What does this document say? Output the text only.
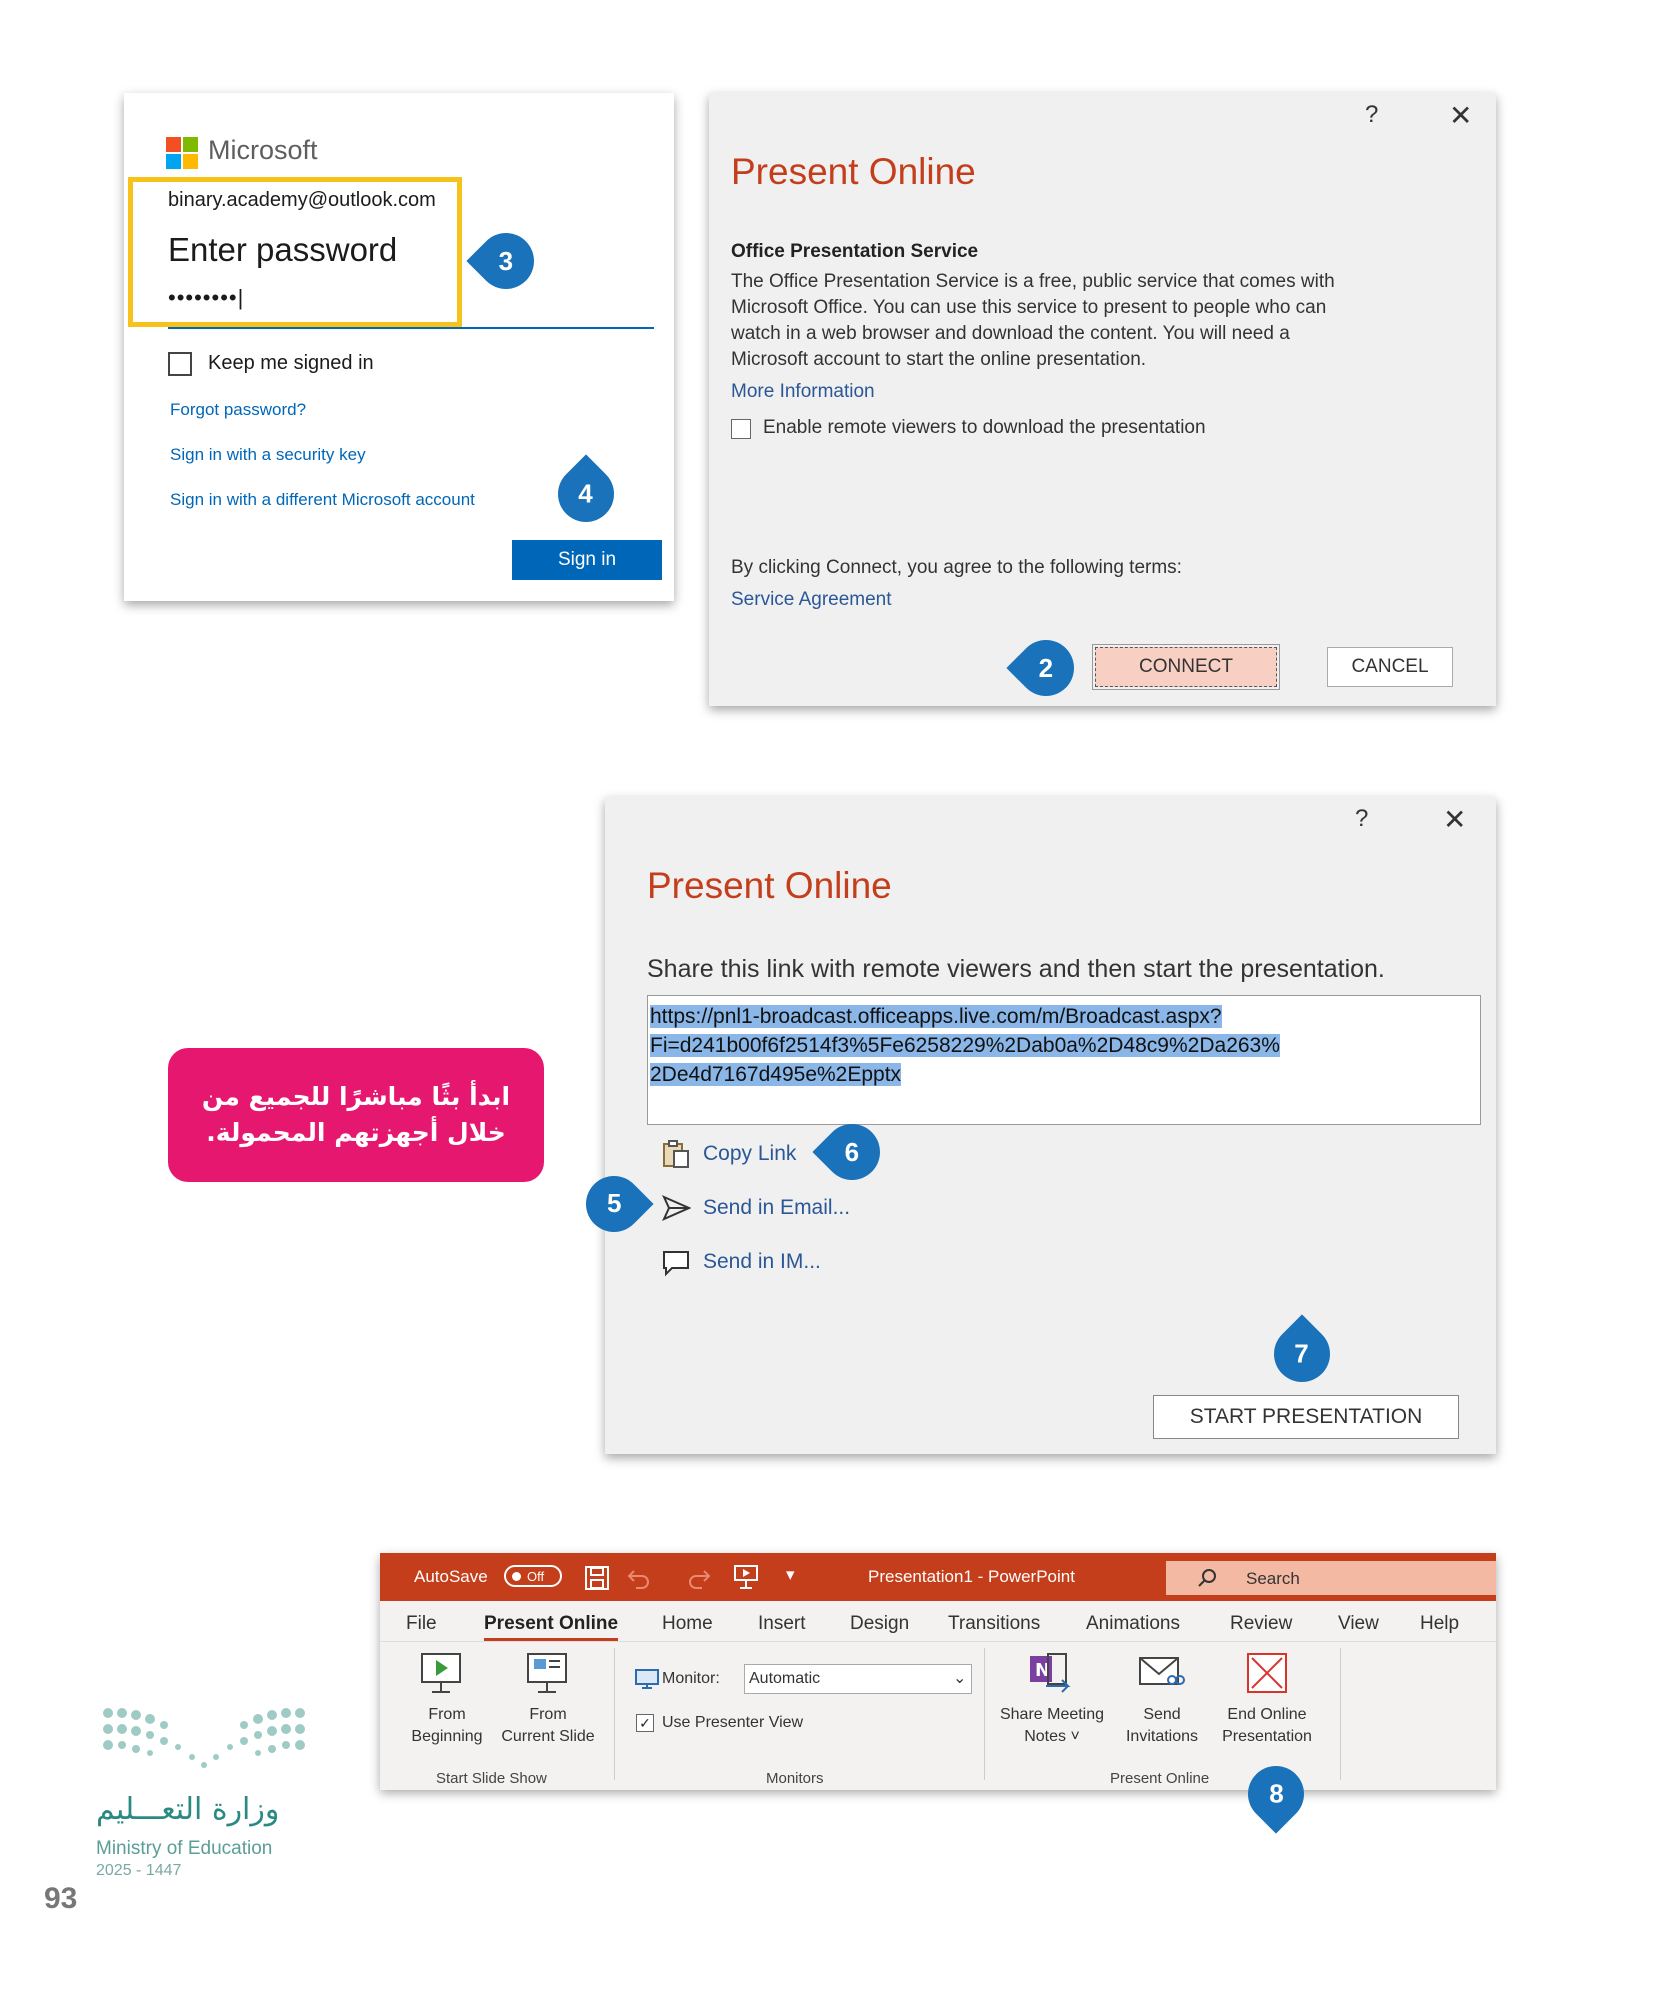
Microsoft
binary.academy@outlook.com
Enter password
••••••••|
Keep me signed in
Forgot password?
Sign in with a security key
Sign in with a different Microsoft account
Sign in
?	✕
Present Online
Office Presentation Service
The Office Presentation Service is a free, public service that comes with
Microsoft Office. You can use this service to present to people who can
watch in a web browser and download the content. You will need a
Microsoft account to start the online presentation.
More Information
Enable remote viewers to download the presentation
By clicking Connect, you agree to the following terms:
Service Agreement
CONNECT	CANCEL
?	✕
Present Online
Share this link with remote viewers and then start the presentation.
https://pnl1-broadcast.officeapps.live.com/m/Broadcast.aspx?
Fi=d241b00f6f2514f3%5Fe6258229%2Dab0a%2D48c9%2Da263%
2De4d7167d495e%2Epptx
Copy Link
Send in Email...
Send in IM...
START PRESENTATION
ابدأ بثًا مباشرًا للجميع من
خلال أجهزتهم المحمولة.
AutoSave	Off	▾	Presentation1 - PowerPoint	Search
File Present Online Home Insert Design Transitions Animations	Review View Help
From
Beginning
From
Current Slide
Start Slide Show
Monitor: Automatic	⌄
✓ Use Presenter View
Monitors
N
Share Meeting
Notes ˅
Send
Invitations
End Online
Presentation
Present Online
2
3
4
5
6
7
8
وزارة التعـــليم
Ministry of Education
2025 - 1447
93
